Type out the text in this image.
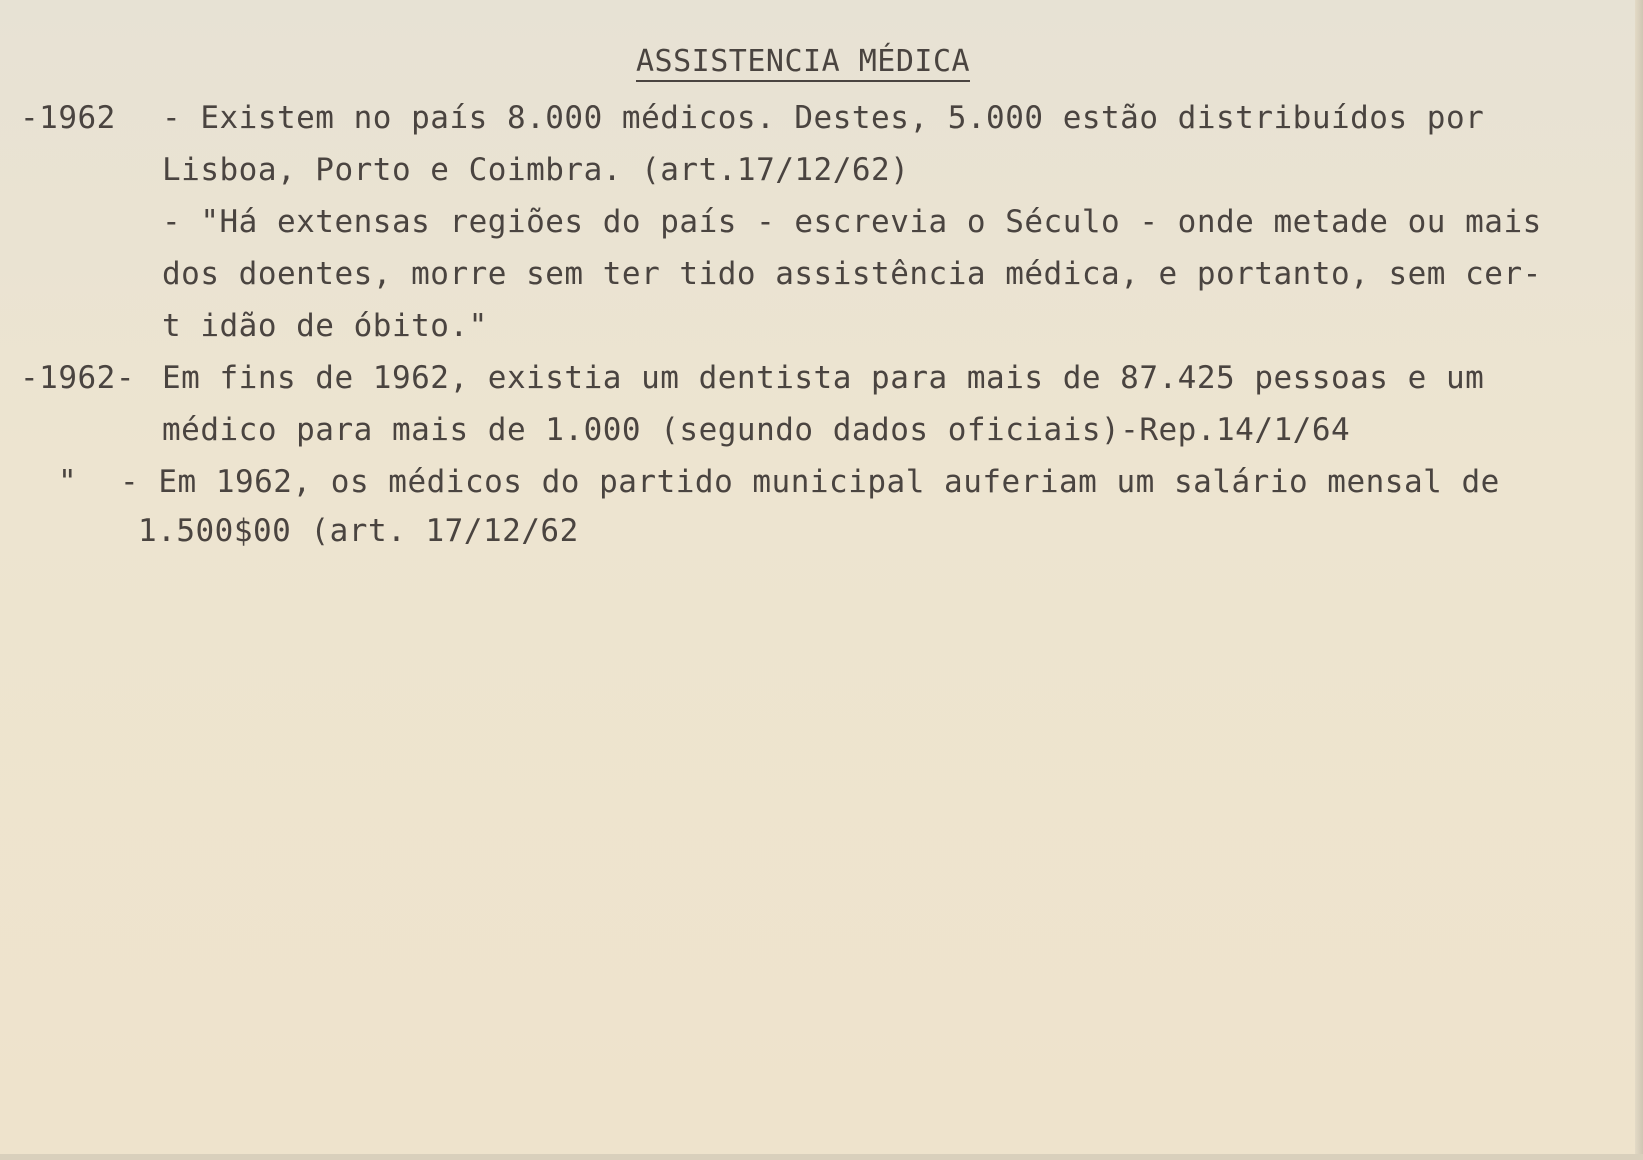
ASSISTENCIA MÉDICA
-1962 - Existem no país 8.000 médicos. Destes, 5.000 estão distribuídos por
Lisboa, Porto e Coimbra. (art.17/12/62)
- "Há extensas regiões do país - escrevia o Século - onde metade ou mais
dos doentes, morre sem ter tido assistência médica, e portanto, sem cer-
t idão de óbito."
-1962- Em fins de 1962, existia um dentista para mais de 87.425 pessoas e um
médico para mais de 1.000 (segundo dados oficiais)-Rep.14/1/64
" - Em 1962, os médicos do partido municipal auferiam um salário mensal de
1.500$00 (art. 17/12/62
